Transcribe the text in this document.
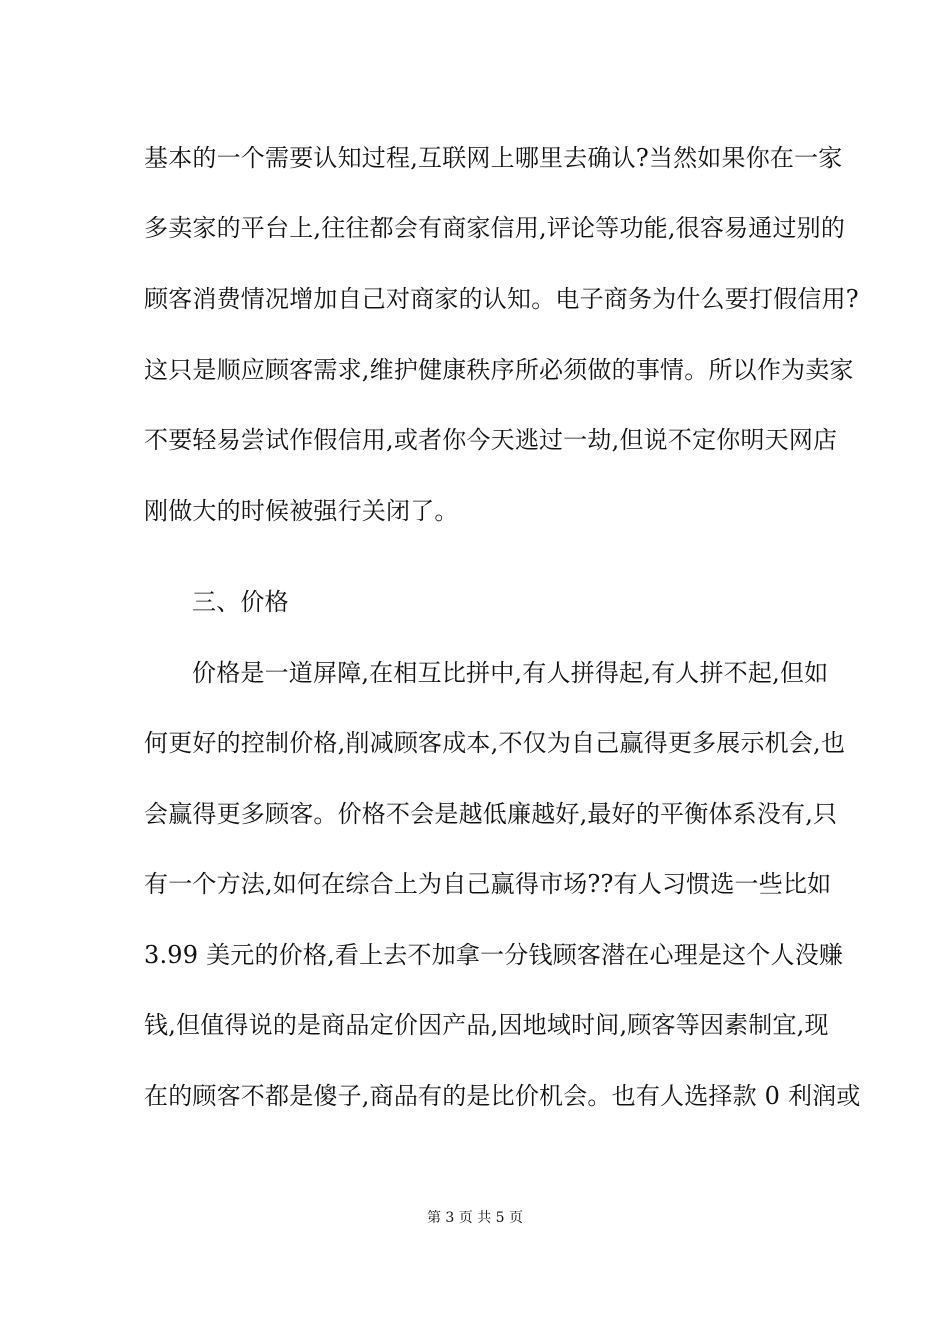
基本的一个需要认知过程,互联网上哪里去确认?当然如果你在一家
多卖家的平台上,往往都会有商家信用,评论等功能,很容易通过别的
顾客消费情况增加自己对商家的认知。电子商务为什么要打假信用?
这只是顺应顾客需求,维护健康秩序所必须做的事情。所以作为卖家
不要轻易尝试作假信用,或者你今天逃过一劫,但说不定你明天网店
刚做大的时候被强行关闭了。
三、价格
价格是一道屏障,在相互比拼中,有人拼得起,有人拼不起,但如
何更好的控制价格,削减顾客成本,不仅为自己赢得更多展示机会,也
会赢得更多顾客。价格不会是越低廉越好,最好的平衡体系没有,只
有一个方法,如何在综合上为自己赢得市场??有人习惯选一些比如
3.99 美元的价格,看上去不加拿一分钱顾客潜在心理是这个人没赚
钱,但值得说的是商品定价因产品,因地域时间,顾客等因素制宜,现
在的顾客不都是傻子,商品有的是比价机会。也有人选择款 0 利润或
第 3 页 共 5 页
